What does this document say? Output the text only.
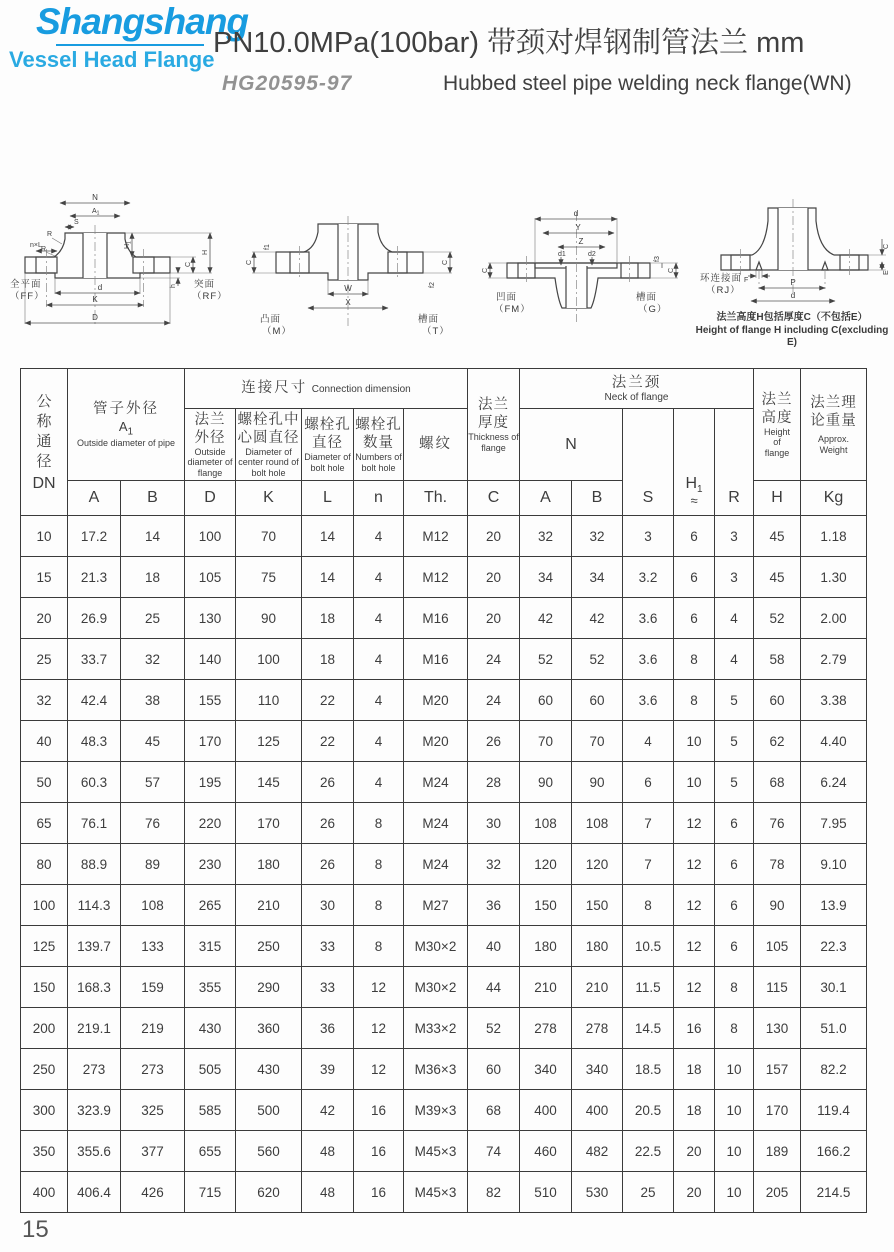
Shangshang
Vessel Head Flange
PN10.0MPa(100bar) 带颈对焊钢制管法兰 mm
HG20595-97	Hubbed steel pipe welding neck flange(WN)
N
$A_1$
S
R
R
n×L	$H_1$
H
C
h
d
K
D
全平面
（FF）
突面
（RF）
C
f1
C
f2
W
X
凸面
（M）
槽面
（T）
d
Y
Z
d1	d2
C
f3
C
凹面
（FM）
槽面
（G）
C
E
F	P
d
环连接面
（RJ）
法兰高度H包括厚度C（不包括E）
Height of flange H including C(excluding E)
公称通径
DN

管子外径
$A_1$
Outside diameter of pipe
	连接尺寸 Connection dimension	
法兰
厚度
Thickness of flange

法兰颈
Neck of flange	法兰
高度
Height
of
flange

法兰理
论重量
Approx.
Weight

法兰
外径
Outside diameter of flange

螺栓孔中
心圆直径
Diameter of center round of bolt hole

螺栓孔
直径
Diameter of bolt hole

螺栓孔
数量
Numbers of bolt hole

螺纹	N	S	
$H_1$
≈	R
	A	B	D	K	L	n	Th.	C	A	B				H	Kg
10	17.2	14	100	70	14	4	M12	20	32	32	3	6	3	45	1.18
15	21.3	18	105	75	14	4	M12	20	34	34	3.2	6	3	45	1.30
20	26.9	25	130	90	18	4	M16	20	42	42	3.6	6	4	52	2.00
25	33.7	32	140	100	18	4	M16	24	52	52	3.6	8	4	58	2.79
32	42.4	38	155	110	22	4	M20	24	60	60	3.6	8	5	60	3.38
40	48.3	45	170	125	22	4	M20	26	70	70	4	10	5	62	4.40
50	60.3	57	195	145	26	4	M24	28	90	90	6	10	5	68	6.24
65	76.1	76	220	170	26	8	M24	30	108	108	7	12	6	76	7.95
80	88.9	89	230	180	26	8	M24	32	120	120	7	12	6	78	9.10
100	114.3	108	265	210	30	8	M27	36	150	150	8	12	6	90	13.9
125	139.7	133	315	250	33	8	M30×2	40	180	180	10.5	12	6	105	22.3
150	168.3	159	355	290	33	12	M30×2	44	210	210	11.5	12	8	115	30.1
200	219.1	219	430	360	36	12	M33×2	52	278	278	14.5	16	8	130	51.0
250	273	273	505	430	39	12	M36×3	60	340	340	18.5	18	10	157	82.2
300	323.9	325	585	500	42	16	M39×3	68	400	400	20.5	18	10	170	119.4
350	355.6	377	655	560	48	16	M45×3	74	460	482	22.5	20	10	189	166.2
400	406.4	426	715	620	48	16	M45×3	82	510	530	25	20	10	205	214.5
15
